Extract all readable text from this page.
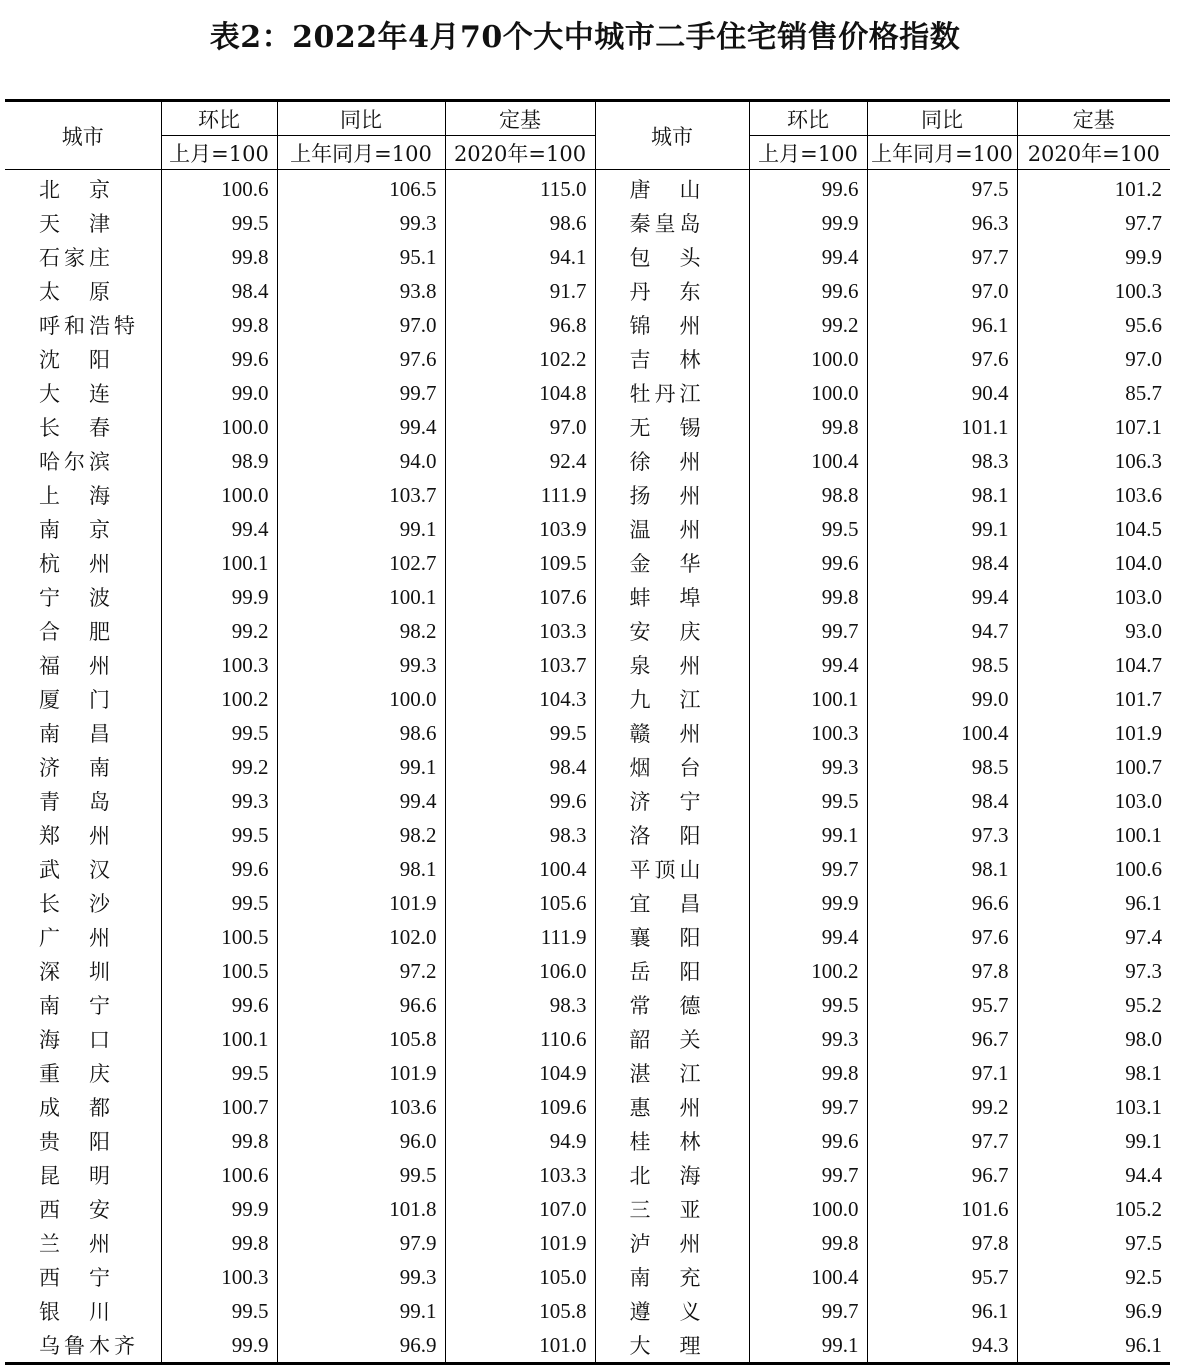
表2：2022年4月70个大中城市二手住宅销售价格指数
城市	环比	同比	定基	城市	环比	同比	定基
	上月=100	上年同月=100	2020年=100		上月=100	上年同月=100	2020年=100
北　京	100.6	106.5	115.0	唐　山	99.6	97.5	101.2
天　津	99.5	99.3	98.6	秦皇岛	99.9	96.3	97.7
石家庄	99.8	95.1	94.1	包　头	99.4	97.7	99.9
太　原	98.4	93.8	91.7	丹　东	99.6	97.0	100.3
呼和浩特	99.8	97.0	96.8	锦　州	99.2	96.1	95.6
沈　阳	99.6	97.6	102.2	吉　林	100.0	97.6	97.0
大　连	99.0	99.7	104.8	牡丹江	100.0	90.4	85.7
长　春	100.0	99.4	97.0	无　锡	99.8	101.1	107.1
哈尔滨	98.9	94.0	92.4	徐　州	100.4	98.3	106.3
上　海	100.0	103.7	111.9	扬　州	98.8	98.1	103.6
南　京	99.4	99.1	103.9	温　州	99.5	99.1	104.5
杭　州	100.1	102.7	109.5	金　华	99.6	98.4	104.0
宁　波	99.9	100.1	107.6	蚌　埠	99.8	99.4	103.0
合　肥	99.2	98.2	103.3	安　庆	99.7	94.7	93.0
福　州	100.3	99.3	103.7	泉　州	99.4	98.5	104.7
厦　门	100.2	100.0	104.3	九　江	100.1	99.0	101.7
南　昌	99.5	98.6	99.5	赣　州	100.3	100.4	101.9
济　南	99.2	99.1	98.4	烟　台	99.3	98.5	100.7
青　岛	99.3	99.4	99.6	济　宁	99.5	98.4	103.0
郑　州	99.5	98.2	98.3	洛　阳	99.1	97.3	100.1
武　汉	99.6	98.1	100.4	平顶山	99.7	98.1	100.6
长　沙	99.5	101.9	105.6	宜　昌	99.9	96.6	96.1
广　州	100.5	102.0	111.9	襄　阳	99.4	97.6	97.4
深　圳	100.5	97.2	106.0	岳　阳	100.2	97.8	97.3
南　宁	99.6	96.6	98.3	常　德	99.5	95.7	95.2
海　口	100.1	105.8	110.6	韶　关	99.3	96.7	98.0
重　庆	99.5	101.9	104.9	湛　江	99.8	97.1	98.1
成　都	100.7	103.6	109.6	惠　州	99.7	99.2	103.1
贵　阳	99.8	96.0	94.9	桂　林	99.6	97.7	99.1
昆　明	100.6	99.5	103.3	北　海	99.7	96.7	94.4
西　安	99.9	101.8	107.0	三　亚	100.0	101.6	105.2
兰　州	99.8	97.9	101.9	泸　州	99.8	97.8	97.5
西　宁	100.3	99.3	105.0	南　充	100.4	95.7	92.5
银　川	99.5	99.1	105.8	遵　义	99.7	96.1	96.9
乌鲁木齐	99.9	96.9	101.0	大　理	99.1	94.3	96.1
